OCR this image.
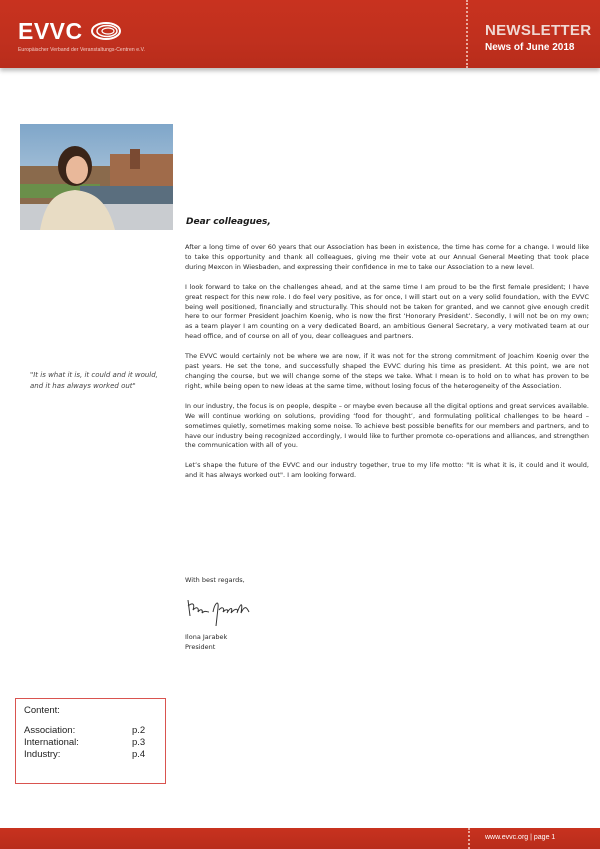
EVVC
Europäischer Verband der Veranstaltungs-Centren e.V.
NEWSLETTER
News of June 2018
"It is what it is, it could and it would, and it has always worked out"
Dear colleagues,

After a long time of over 60 years that our Association has been in existence, the time has come for a change. I would like to take this opportunity and thank all colleagues, giving me their vote at our Annual General Meeting that took place during Mexcon in Wiesbaden, and expressing their confidence in me to take our Association to a new level.

I look forward to take on the challenges ahead, and at the same time I am proud to be the first female president; I have great respect for this new role. I do feel very positive, as for once, I will start out on a very solid foundation, with the EVVC being well positioned, financially and structurally. This should not be taken for granted, and we cannot give enough credit here to our former President Joachim Koenig, who is now the first ‘Honorary President’. Secondly, I will not be on my own; as a team player I am counting on a very dedicated Board, an ambitious General Secretary, a very motivated team at our head office, and of course on all of you, dear colleagues and partners.

The EVVC would certainly not be where we are now, if it was not for the strong commitment of Joachim Koenig over the past years. He set the tone, and successfully shaped the EVVC during his time as president. At this point, we are not changing the course, but we will change some of the steps we take. What I mean is to hold on to what has proven to be right, while being open to new ideas at the same time, without losing focus of the heterogeneity of the Association.

In our industry, the focus is on people, despite – or maybe even because all the digital options and great services available. We will continue working on solutions, providing ‘food for thought’, and formulating political challenges to be heard – sometimes quietly, sometimes making some noise. To achieve best possible benefits for our members and partners, and to have our industry being recognized accordingly, I would like to further promote co-operations and alliances, and strengthen the communication with all of you.

Let’s shape the future of the EVVC and our industry together, true to my life motto: "It is what it is, it could and it would, and it has always worked out". I am looking forward.

With best regards,
Ilona Jarabek
President
Content:
Association:	p.2
International:	p.3
Industry:	p.4
www.evvc.org | page 1
